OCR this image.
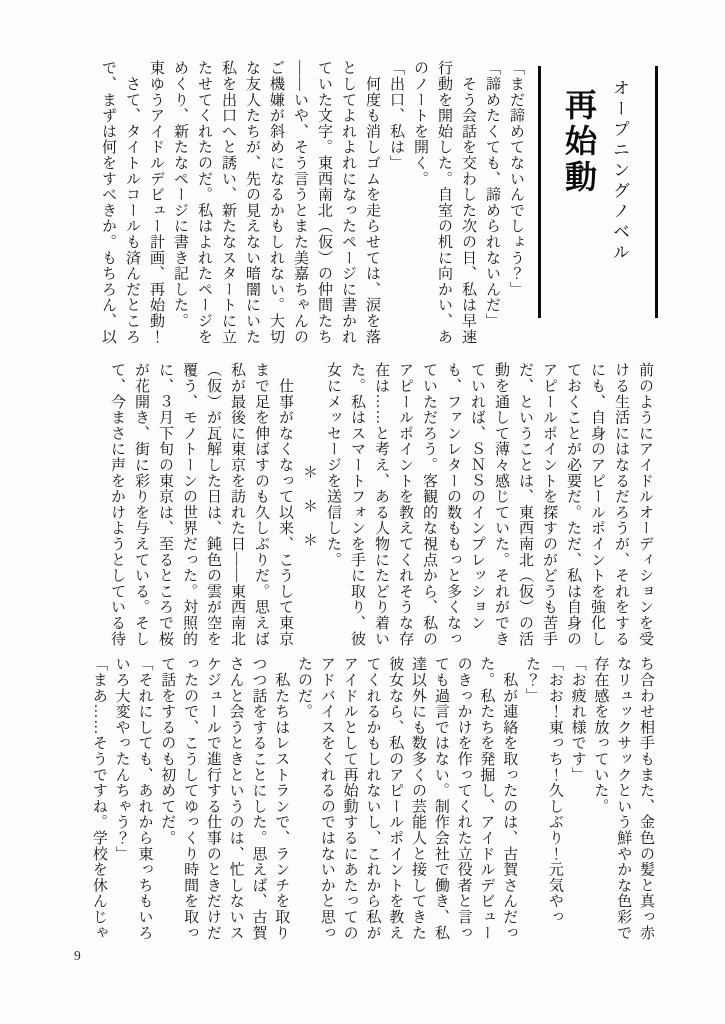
オープニングノベル
再始動

「まだ諦めてないんでしょう？」

「諦めたくても、諦められないんだ」

　そう会話を交わした次の日、私は早速行動を開始した。自室の机に向かい、あのノートを開く。

「出口、私は」

　何度も消しゴムを走らせては、涙を落としてよれよれになったページに書かれていた文字。東西南北（仮）の仲間たち――いや、そう言うとまた美嘉ちゃんのご機嫌が斜めになるかもしれない。大切な友人たちが、先の見えない暗闇にいた私を出口へと誘い、新たなスタートに立たせてくれたのだ。私はよれたページをめくり、新たなページに書き記した。

東ゆうアイドルデビュー計画、再始動！

　さて、タイトルコールも済んだところで、まずは何をすべきか。もちろん、以

前のようにアイドルオーディションを受ける生活にはなるだろうが、それをするにも、自身のアピールポイントを強化しておくことが必要だ。ただ、私は自身のアピールポイントを探すのがどうも苦手だ、ということは、東西南北（仮）の活動を通して薄々感じていた。それができていれば、ＳＮＳのインプレッションも、ファンレターの数ももっと多くなっていただろう。客観的な視点から、私のアピールポイントを教えてくれそうな存在は……と考え、ある人物にたどり着いた。私はスマートフォンを手に取り、彼女にメッセージを送信した。

＊　＊　＊

　仕事がなくなって以来、こうして東京まで足を伸ばすのも久しぶりだ。思えば私が最後に東京を訪れた日――東西南北（仮）が瓦解した日は、鈍色の雲が空を覆う、モノトーンの世界だった。対照的に、３月下旬の東京は、至るところで桜が花開き、街に彩りを与えている。そして、今まさに声をかけようとしている待

ち合わせ相手もまた、金色の髪と真っ赤なリュックサックという鮮やかな色彩で存在感を放っていた。

「お疲れ様です」

「おお！東っち！久しぶり！元気やった？」

　私が連絡を取ったのは、古賀さんだった。私たちを発掘し、アイドルデビューのきっかけを作ってくれた立役者と言っても過言ではない。制作会社で働き、私達以外にも数多くの芸能人と接してきた彼女なら、私のアピールポイントを教えてくれるかもしれないし、これから私がアイドルとして再始動するにあたってのアドバイスをくれるのではないかと思ったのだ。

　私たちはレストランで、ランチを取りつつ話をすることにした。思えば、古賀さんと会うときというのは、忙しないスケジュールで進行する仕事のときだけだったので、こうしてゆっくり時間を取って話をするのも初めてだ。

「それにしても、あれから東っちもいろいろ大変やったんちゃう？」

「まあ……そうですね。学校を休んじゃ

9
